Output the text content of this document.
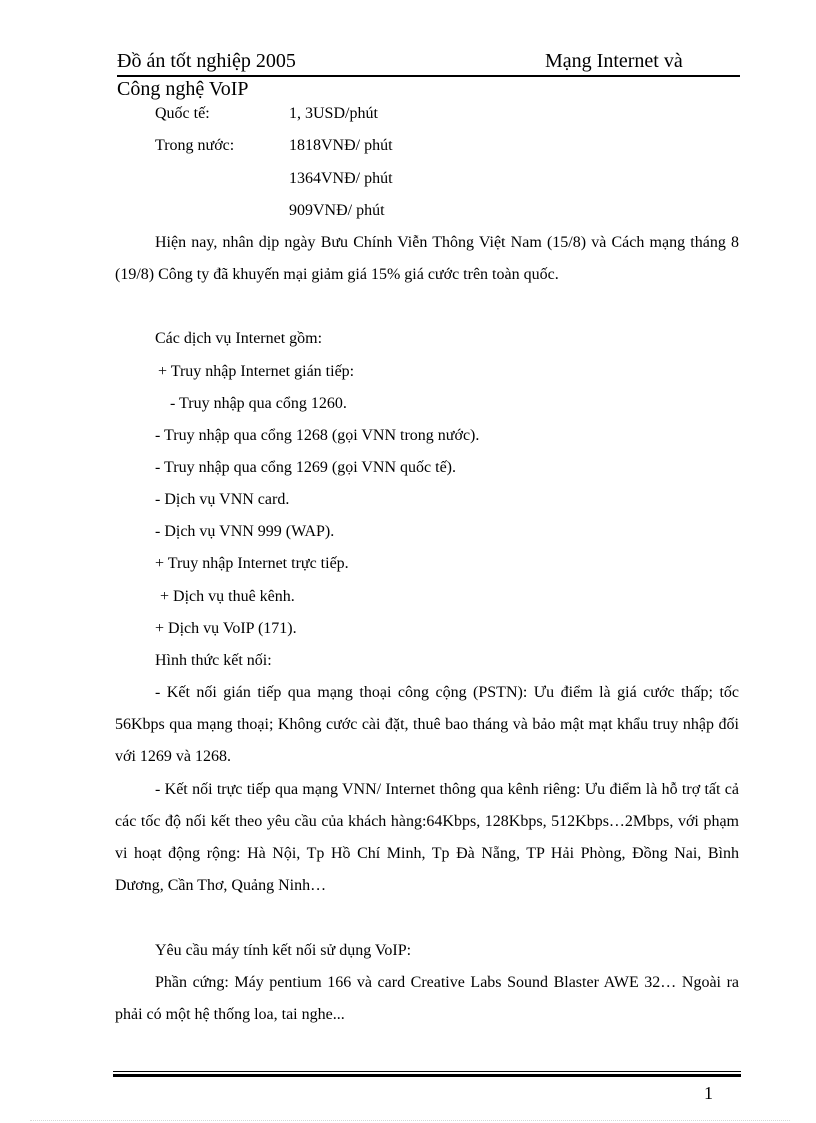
Đồ án tốt nghiệp 2005	Mạng Internet và
Công nghệ VoIP
Quốc tế:	1, 3USD/phút
Trong nước:	1818VNĐ/ phút
1364VNĐ/ phút
909VNĐ/ phút

Hiện nay, nhân dịp ngày Bưu Chính Viễn Thông Việt Nam (15/8) và Cách mạng tháng 8 (19/8) Công ty đã khuyến mại giảm giá 15% giá cước trên toàn quốc.

Các dịch vụ Internet gồm:
+ Truy nhập Internet gián tiếp:
- Truy nhập qua cổng 1260.
- Truy nhập qua cổng 1268 (gọi VNN trong nước).
- Truy nhập qua cổng 1269 (gọi VNN quốc tế).
- Dịch vụ VNN card.
- Dịch vụ VNN 999 (WAP).
+ Truy nhập Internet trực tiếp.
+ Dịch vụ thuê kênh.
+ Dịch vụ VoIP (171).
Hình thức kết nối:

- Kết nối gián tiếp qua mạng thoại công cộng (PSTN): Ưu điểm là giá cước thấp; tốc 56Kbps qua mạng thoại; Không cước cài đặt, thuê bao tháng và bảo mật mạt khẩu truy nhập đối với 1269 và 1268.

- Kết nối trực tiếp qua mạng VNN/ Internet thông qua kênh riêng: Ưu điểm là hỗ trợ tất cả các tốc độ nối kết theo yêu cầu của khách hàng:64Kbps, 128Kbps, 512Kbps…2Mbps, với phạm vi hoạt động rộng: Hà Nội, Tp Hồ Chí Minh, Tp Đà Nẵng, TP Hải Phòng, Đồng Nai, Bình Dương, Cần Thơ, Quảng Ninh…

Yêu cầu máy tính kết nối sử dụng VoIP:

Phần cứng: Máy pentium 166 và card Creative Labs Sound Blaster AWE 32… Ngoài ra phải có một hệ thống loa, tai nghe...

1
